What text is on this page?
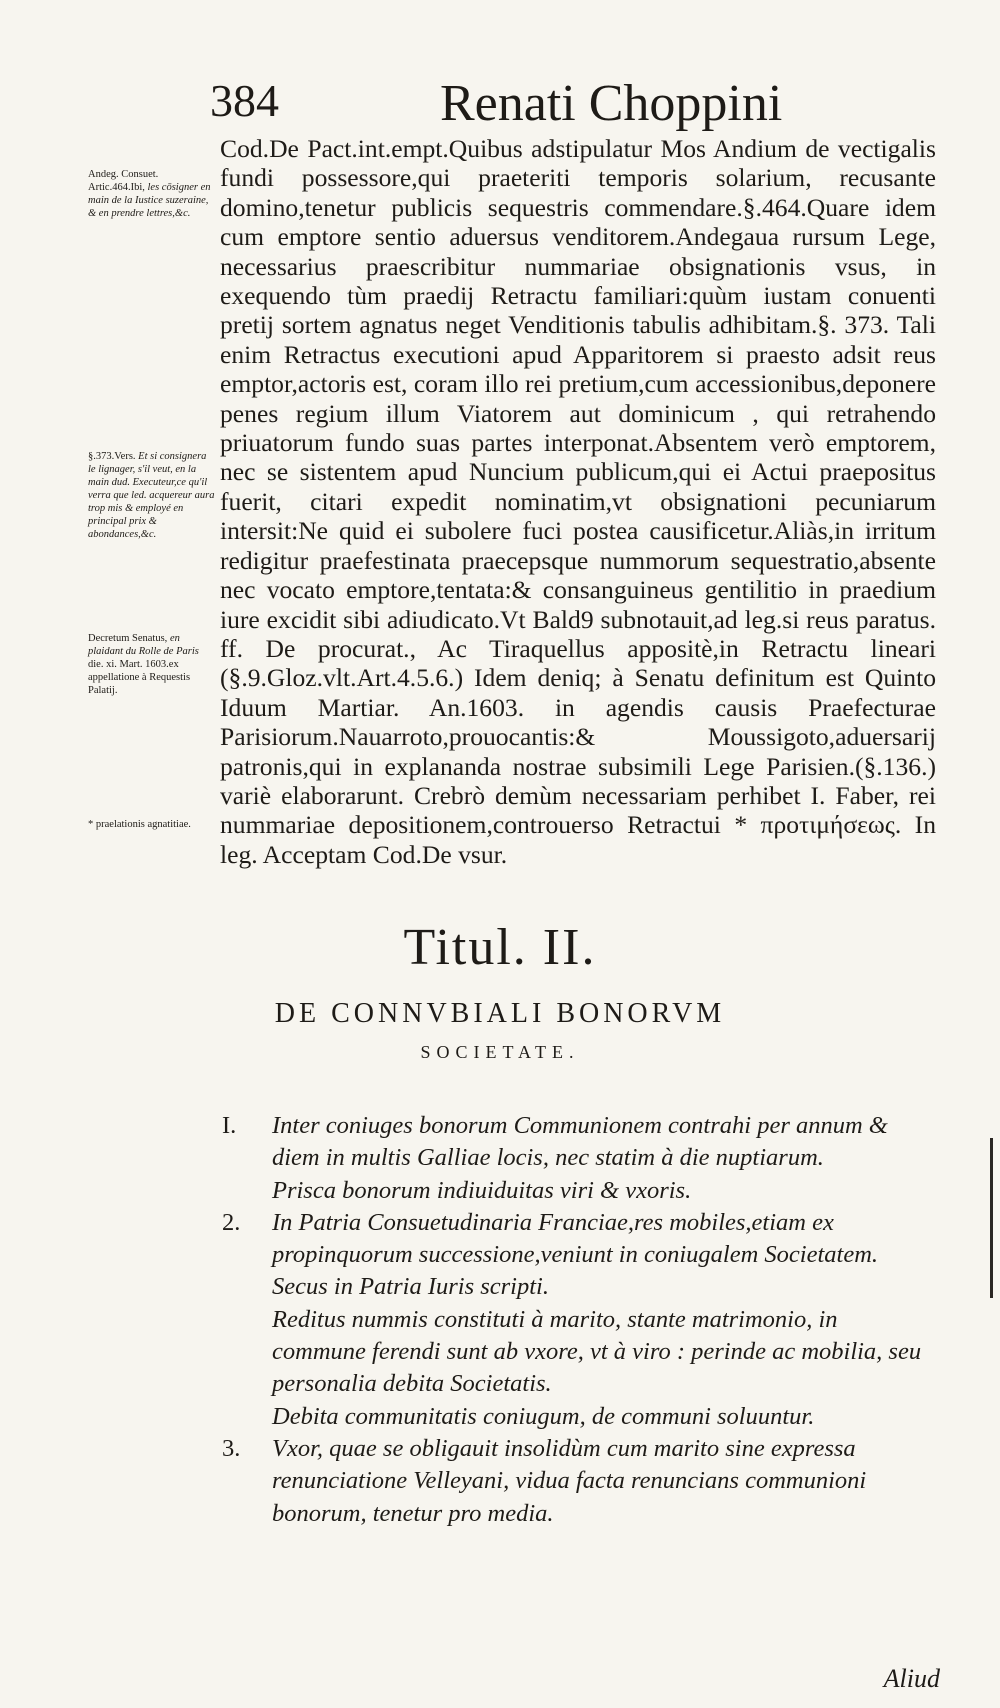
384	Renati Choppini
Andeg. Consuet. Artic.464.Ibi, les cōsigner en main de la Iustice suzeraine, & en prendre lettres,&c.
§.373.Vers. Et si consignera le lignager, s'il veut, en la main dud. Executeur,ce qu'il verra que led. acquereur aura trop mis & employé en principal prix & abondances,&c.
Decretum Senatus, en plaidant du Rolle de Paris die. xi. Mart. 1603.ex appellatione à Requestis Palatij.
* praelationis agnatitiae.

Cod.De Pact.int.empt.Quibus adstipulatur Mos Andium de vectigalis fundi possessore,qui praeteriti temporis solarium, recusante domino,tenetur publicis sequestris commendare.§.464.Quare idem cum emptore sentio aduersus venditorem.Andegaua rursum Lege, necessarius praescribitur nummariae obsignationis vsus, in exequendo tùm praedij Retractu familiari:quùm iustam conuenti pretij sortem agnatus neget Venditionis tabulis adhibitam.§. 373. Tali enim Retractus executioni apud Apparitorem si praesto adsit reus emptor,actoris est, coram illo rei pretium,cum accessionibus,deponere penes regium illum Viatorem aut dominicum , qui retrahendo priuatorum fundo suas partes interponat.Absentem verò emptorem, nec se sistentem apud Nuncium publicum,qui ei Actui praepositus fuerit, citari expedit nominatim,vt obsignationi pecuniarum intersit:Ne quid ei subolere fuci postea causificetur.Aliàs,in irritum redigitur praefestinata praecepsque nummorum sequestratio,absente nec vocato emptore,tentata:& consanguineus gentilitio in praedium iure excidit sibi adiudicato.Vt Bald9 subnotauit,ad leg.si reus paratus. ff. De procurat., Ac Tiraquellus appositè,in Retractu lineari (§.9.Gloz.vlt.Art.4.5.6.) Idem deniq; à Senatu definitum est Quinto Iduum Martiar. An.1603. in agendis causis Praefecturae Parisiorum.Nauarroto,prouocantis:& Moussigoto,aduersarij patronis,qui in explananda nostrae subsimili Lege Parisien.(§.136.) variè elaborarunt. Crebrò demùm necessariam perhibet I. Faber, rei nummariae depositionem,controuerso Retractui * προτιμήσεως. In leg. Acceptam Cod.De vsur.

Titul. II.
DE CONNVBIALI BONORVM
SOCIETATE.

I. Inter coniuges bonorum Communionem contrahi per annum & diem in multis Galliae locis, nec statim à die nuptiarum.

Prisca bonorum indiuiduitas viri & vxoris.

2. In Patria Consuetudinaria Franciae,res mobiles,etiam ex propinquorum successione,veniunt in coniugalem Societatem.

Secus in Patria Iuris scripti.

Reditus nummis constituti à marito, stante matrimonio, in commune ferendi sunt ab vxore, vt à viro : perinde ac mobilia, seu personalia debita Societatis.

Debita communitatis coniugum, de communi soluuntur.

3. Vxor, quae se obligauit insolidùm cum marito sine expressa renunciatione Velleyani, vidua facta renuncians communioni bonorum, tenetur pro media.

Aliud
